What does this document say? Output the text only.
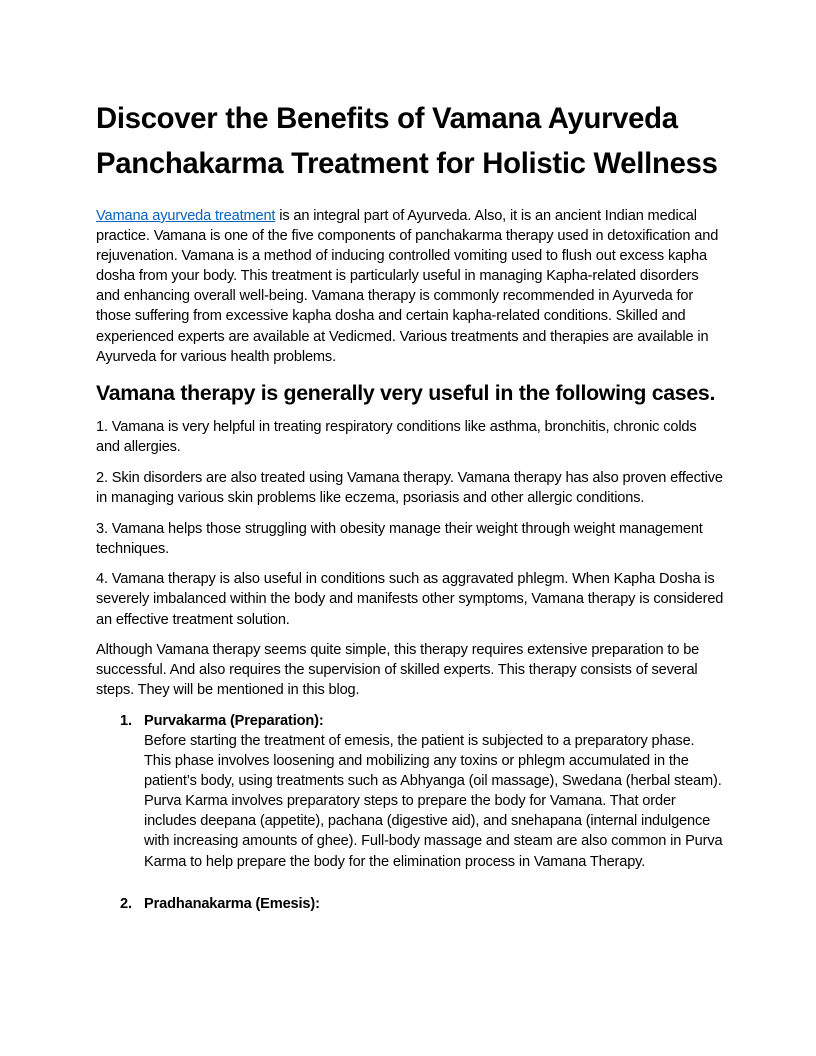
Discover the Benefits of Vamana Ayurveda Panchakarma Treatment for Holistic Wellness

Vamana ayurveda treatment is an integral part of Ayurveda. Also, it is an ancient Indian medical practice. Vamana is one of the five components of panchakarma therapy used in detoxification and rejuvenation. Vamana is a method of inducing controlled vomiting used to flush out excess kapha dosha from your body. This treatment is particularly useful in managing Kapha-related disorders and enhancing overall well-being. Vamana therapy is commonly recommended in Ayurveda for those suffering from excessive kapha dosha and certain kapha-related conditions. Skilled and experienced experts are available at Vedicmed. Various treatments and therapies are available in Ayurveda for various health problems.

Vamana therapy is generally very useful in the following cases.

1. Vamana is very helpful in treating respiratory conditions like asthma, bronchitis, chronic colds and allergies.

2. Skin disorders are also treated using Vamana therapy. Vamana therapy has also proven effective in managing various skin problems like eczema, psoriasis and other allergic conditions.

3. Vamana helps those struggling with obesity manage their weight through weight management techniques.

4. Vamana therapy is also useful in conditions such as aggravated phlegm. When Kapha Dosha is severely imbalanced within the body and manifests other symptoms, Vamana therapy is considered an effective treatment solution.

Although Vamana therapy seems quite simple, this therapy requires extensive preparation to be successful. And also requires the supervision of skilled experts. This therapy consists of several steps. They will be mentioned in this blog.

1. Purvakarma (Preparation):
Before starting the treatment of emesis, the patient is subjected to a preparatory phase. This phase involves loosening and mobilizing any toxins or phlegm accumulated in the patient’s body, using treatments such as Abhyanga (oil massage), Swedana (herbal steam). Purva Karma involves preparatory steps to prepare the body for Vamana. That order includes deepana (appetite), pachana (digestive aid), and snehapana (internal indulgence with increasing amounts of ghee). Full-body massage and steam are also common in Purva Karma to help prepare the body for the elimination process in Vamana Therapy.
2. Pradhanakarma (Emesis):
